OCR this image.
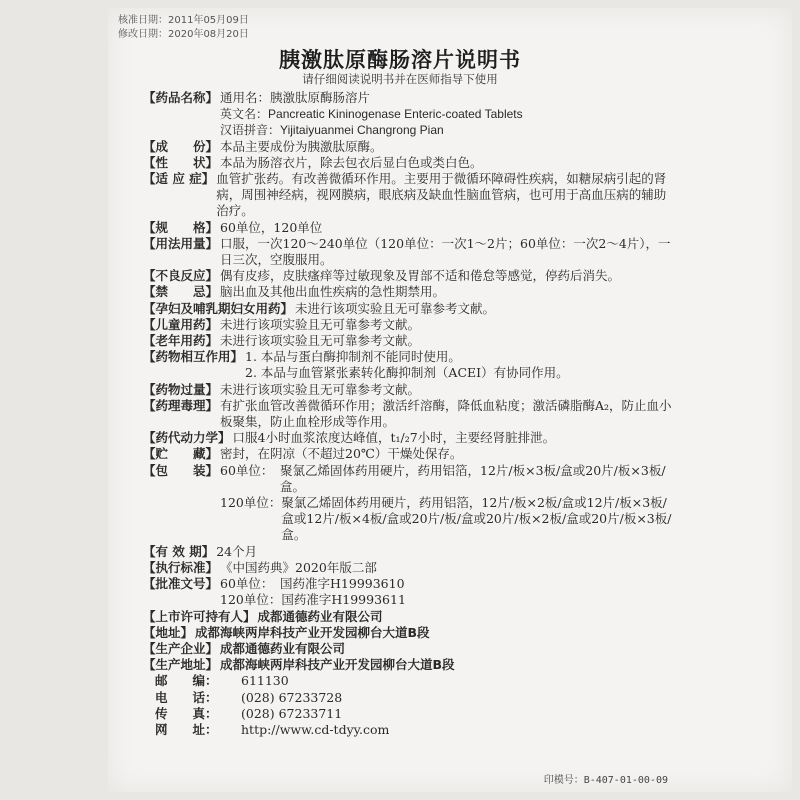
核准日期：2011年05月09日
修改日期：2020年08月20日
胰激肽原酶肠溶片说明书
请仔细阅读说明书并在医师指导下使用
【药品名称】 通用名：胰激肽原酶肠溶片
英文名：Pancreatic Kininogenase Enteric-coated Tablets
汉语拼音：Yijitaiyuanmei Changrong Pian
【成　　份】 本品主要成份为胰激肽原酶。
【性　　状】 本品为肠溶衣片，除去包衣后显白色或类白色。
【适 应 症】 血管扩张药。有改善微循环作用。主要用于微循环障碍性疾病，如糖尿病引起的肾病，周围神经病，视网膜病，眼底病及缺血性脑血管病，也可用于高血压病的辅助治疗。
【规　　格】 60单位，120单位
【用法用量】 口服，一次120～240单位（120单位：一次1～2片；60单位：一次2～4片），一日三次，空腹服用。
【不良反应】 偶有皮疹，皮肤瘙痒等过敏现象及胃部不适和倦怠等感觉，停药后消失。
【禁　　忌】 脑出血及其他出血性疾病的急性期禁用。
【孕妇及哺乳期妇女用药】 未进行该项实验且无可靠参考文献。
【儿童用药】 未进行该项实验且无可靠参考文献。
【老年用药】 未进行该项实验且无可靠参考文献。
【药物相互作用】 1. 本品与蛋白酶抑制剂不能同时使用。
2. 本品与血管紧张素转化酶抑制剂（ACEI）有协同作用。
【药物过量】 未进行该项实验且无可靠参考文献。
【药理毒理】 有扩张血管改善微循环作用；激活纤溶酶，降低血粘度；激活磷脂酶A₂，防止血小板聚集，防止血栓形成等作用。
【药代动力学】 口服4小时血浆浓度达峰值，t₁/₂7小时，主要经肾脏排泄。
【贮　　藏】 密封，在阴凉（不超过20℃）干燥处保存。
【包　　装】 60单位： 聚氯乙烯固体药用硬片，药用铝箔，12片/板×3板/盒或20片/板×3板/盒。
120单位： 聚氯乙烯固体药用硬片，药用铝箔，12片/板×2板/盒或12片/板×3板/盒或12片/板×4板/盒或20片/板/盒或20片/板×2板/盒或20片/板×3板/盒。
【有 效 期】 24个月
【执行标准】 《中国药典》2020年版二部
【批准文号】 60单位： 国药准字H19993610
120单位： 国药准字H19993611
【上市许可持有人】 成都通德药业有限公司
【地址】 成都海峡两岸科技产业开发园柳台大道B段
【生产企业】 成都通德药业有限公司
【生产地址】 成都海峡两岸科技产业开发园柳台大道B段
邮　　编： 611130
电　　话： (028) 67233728
传　　真： (028) 67233711
网　　址： http://www.cd-tdyy.com
印模号：B-407-01-00-09
